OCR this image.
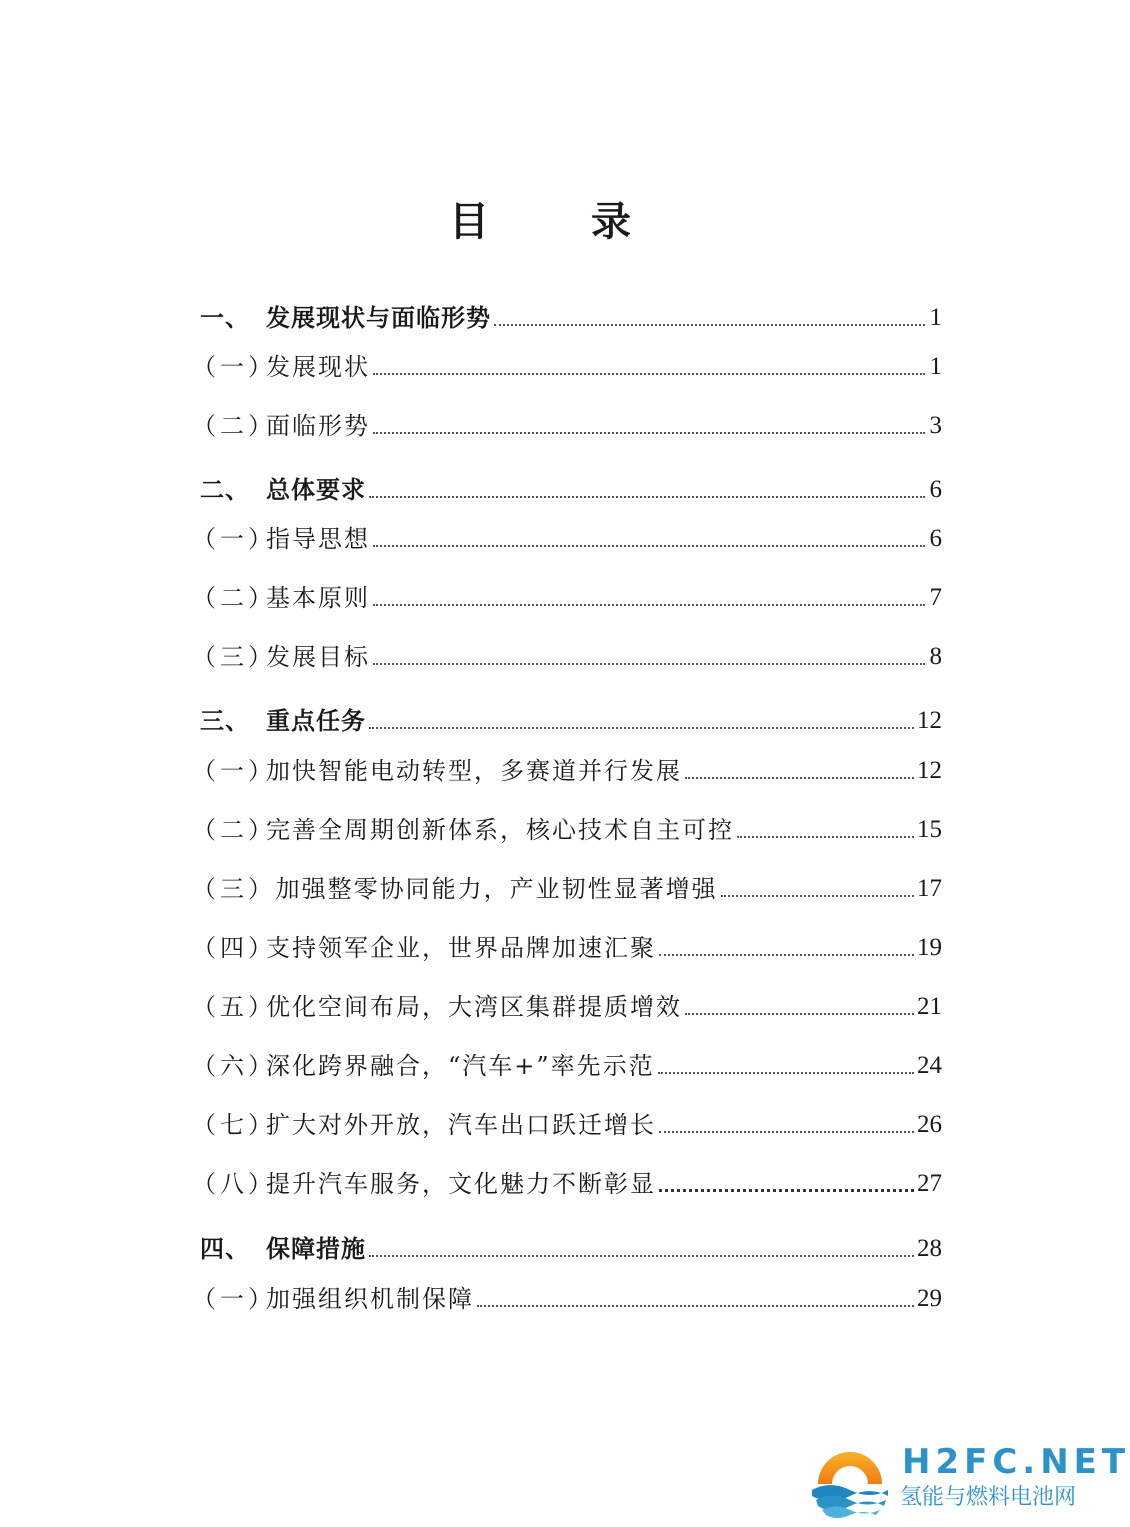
目 录
一、 发展现状与面临形势	1
（一）发展现状	1
（二）面临形势	3
二、 总体要求	6
（一）指导思想	6
（二）基本原则	7
（三）发展目标	8
三、 重点任务	12
（一）加快智能电动转型，多赛道并行发展	12
（二）完善全周期创新体系，核心技术自主可控	15
（三） 加强整零协同能力，产业韧性显著增强	17
（四）支持领军企业，世界品牌加速汇聚	19
（五）优化空间布局，大湾区集群提质增效	21
（六）深化跨界融合，“汽车+”率先示范	24
（七）扩大对外开放，汽车出口跃迁增长	26
（八）提升汽车服务，文化魅力不断彰显	27
四、 保障措施	28
（一）加强组织机制保障	29
H2FC.NET
氢能与燃料电池网
